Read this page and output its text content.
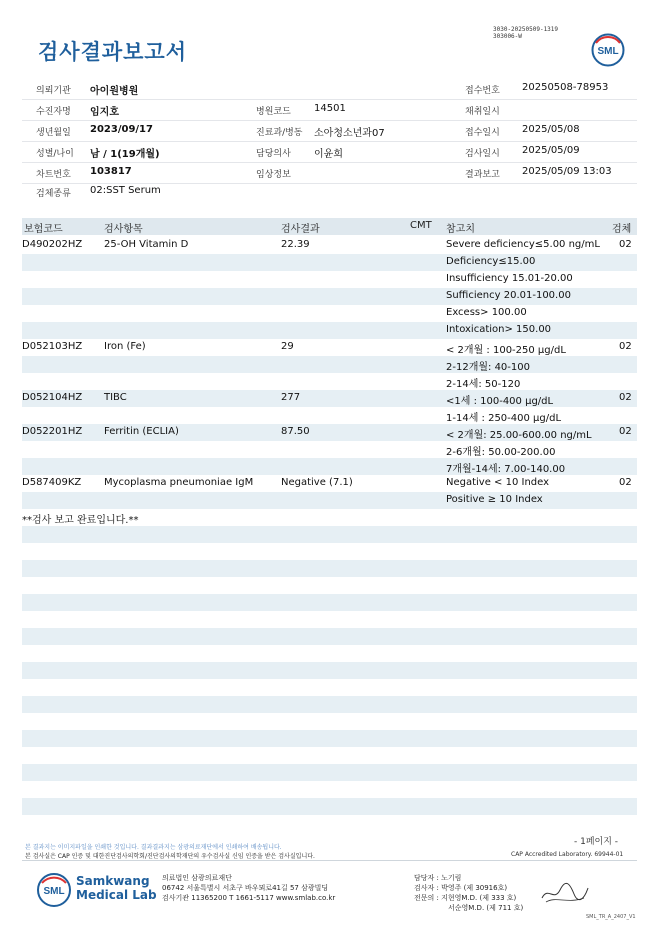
검사결과보고서
3030-20250509-1319
303006-W
SML
의뢰기관 아이원병원	접수번호 20250508-78953
수진자명 임지호	병원코드 14501	채취일시
생년월일 2023/09/17	진료과/병동 소아청소년과07	접수일시 2025/05/08
성별/나이 남 / 1(19개월)	담당의사 이윤희	검사일시 2025/05/09
차트번호 103817	임상정보	결과보고 2025/05/09 13:03
검체종류 02:SST Serum
보험코드	검사항목	검사결과	CMT 참고치	검체
D490202HZ 25-OH Vitamin D	22.39	Severe deficiency≤5.00 ng/mL 02
Deficiency≤15.00
Insufficiency 15.01-20.00
Sufficiency 20.01-100.00
Excess> 100.00
Intoxication> 150.00
D052103HZ Iron (Fe)	29	< 2개월 : 100-250 μg/dL	02
2-12개월: 40-100
2-14세: 50-120
D052104HZ TIBC	277	<1세 : 100-400 μg/dL	02
1-14세 : 250-400 μg/dL
D052201HZ Ferritin (ECLIA)	87.50	< 2개월: 25.00-600.00 ng/mL	02
2-6개월: 50.00-200.00
7개월-14세: 7.00-140.00
D587409KZ Mycoplasma pneumoniae IgM	Negative (7.1)	Negative < 10 Index	02
Positive ≥ 10 Index
**검사 보고 완료입니다.**
- 1페이지 -
본 결과지는 이미지파일을 인쇄한 것입니다. 결과결과지는 삼광의료재단에서 인쇄하여 배송됩니다.
본 검사실은 CAP 인증 및 대한진단검사의학회/진단검사의학재단의 우수검사실 신임 인증을 받은 검사실입니다.	CAP Accredited Laboratory. 69944-01
SML
Samkwang
Medical Lab
의료법인 삼광의료재단
06742 서울특별시 서초구 바우뫼로41길 57 삼광빌딩
검사기관 11365200 T 1661-5117 www.smlab.co.kr
담당자 : 노기림
검사자 : 박영주 (제 30916호)
전문의 : 지현영M.D. (제 333 호)
서순영M.D. (제 711 호)
SML_TR_A_2407_V1
